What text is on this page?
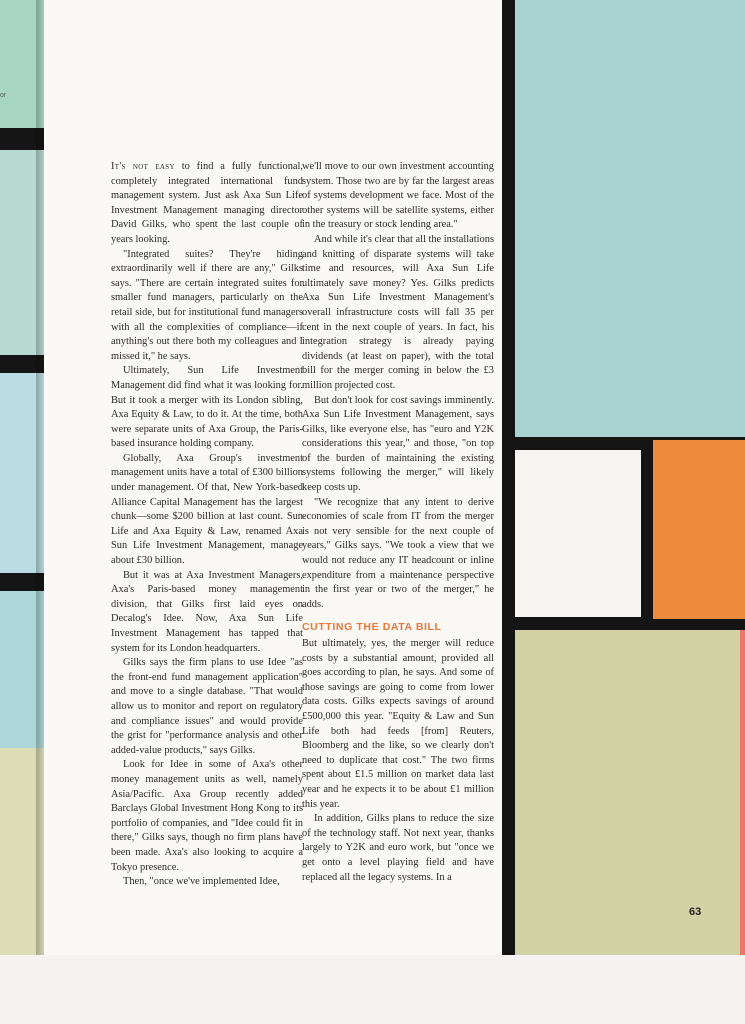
or

It's not easy to find a fully functional, completely integrated international fund management system. Just ask Axa Sun Life Investment Management managing director David Gilks, who spent the last couple of years looking.

"Integrated suites? They're hiding extraordinarily well if there are any," Gilks says. "There are certain integrated suites for smaller fund managers, particularly on the retail side, but for institutional fund managers with all the complexities of compliance—if anything's out there both my colleagues and I missed it," he says.

Ultimately, Sun Life Investment Management did find what it was looking for. But it took a merger with its London sibling, Axa Equity & Law, to do it. At the time, both were separate units of Axa Group, the Paris-based insurance holding company.

Globally, Axa Group's investment management units have a total of £300 billion under management. Of that, New York-based Alliance Capital Management has the largest chunk—some $200 billion at last count. Sun Life and Axa Equity & Law, renamed Axa Sun Life Investment Management, manage about £30 billion.

But it was at Axa Investment Managers, Axa's Paris-based money management division, that Gilks first laid eyes on Decalog's Idee. Now, Axa Sun Life Investment Management has tapped that system for its London headquarters.

Gilks says the firm plans to use Idee "as the front-end fund management application" and move to a single database. "That would allow us to monitor and report on regulatory and compliance issues" and would provide the grist for "performance analysis and other added-value products," says Gilks.

Look for Idee in some of Axa's other money management units as well, namely Asia/Pacific. Axa Group recently added Barclays Global Investment Hong Kong to its portfolio of companies, and "Idee could fit in there," Gilks says, though no firm plans have been made. Axa's also looking to acquire a Tokyo presence.

Then, "once we've implemented Idee,

we'll move to our own investment accounting system. Those two are by far the largest areas of systems development we face. Most of the other systems will be satellite systems, either in the treasury or stock lending area."

And while it's clear that all the installations and knitting of disparate systems will take time and resources, will Axa Sun Life ultimately save money? Yes. Gilks predicts Axa Sun Life Investment Management's overall infrastructure costs will fall 35 per cent in the next couple of years. In fact, his integration strategy is already paying dividends (at least on paper), with the total bill for the merger coming in below the £3 million projected cost.

But don't look for cost savings imminently. Axa Sun Life Investment Management, says Gilks, like everyone else, has "euro and Y2K considerations this year," and those, "on top of the burden of maintaining the existing systems following the merger," will likely keep costs up.

"We recognize that any intent to derive economies of scale from IT from the merger is not very sensible for the next couple of years," Gilks says. "We took a view that we would not reduce any IT headcount or inline expenditure from a maintenance perspective in the first year or two of the merger," he adds.

CUTTING THE DATA BILL

But ultimately, yes, the merger will reduce costs by a substantial amount, provided all goes according to plan, he says. And some of those savings are going to come from lower data costs. Gilks expects savings of around £500,000 this year. "Equity & Law and Sun Life both had feeds [from] Reuters, Bloomberg and the like, so we clearly don't need to duplicate that cost." The two firms spent about £1.5 million on market data last year and he expects it to be about £1 million this year.

In addition, Gilks plans to reduce the size of the technology staff. Not next year, thanks largely to Y2K and euro work, but "once we get onto a level playing field and have replaced all the legacy systems. In a

63
